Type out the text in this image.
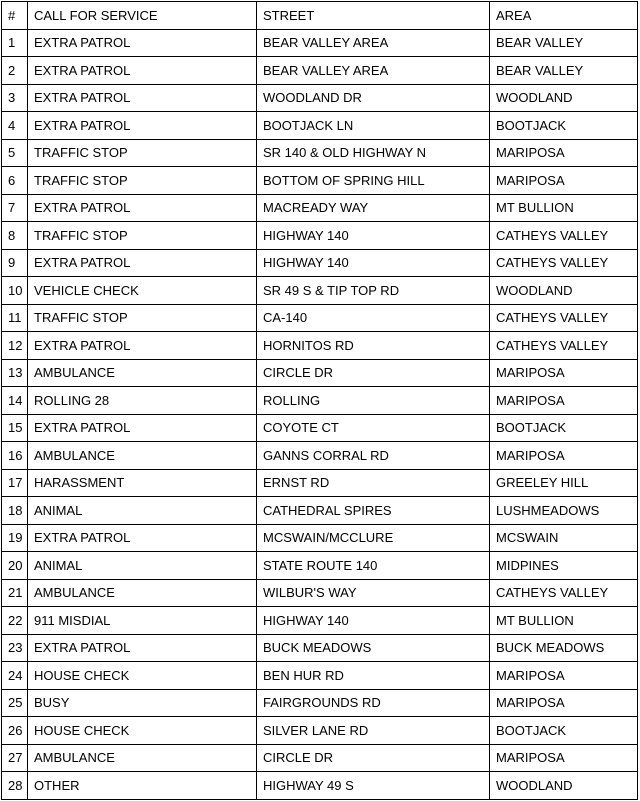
#	CALL FOR SERVICE	STREET	AREA
1	EXTRA PATROL	BEAR VALLEY AREA	BEAR VALLEY
2	EXTRA PATROL	BEAR VALLEY AREA	BEAR VALLEY
3	EXTRA PATROL	WOODLAND DR	WOODLAND
4	EXTRA PATROL	BOOTJACK LN	BOOTJACK
5	TRAFFIC STOP	SR 140 & OLD HIGHWAY N	MARIPOSA
6	TRAFFIC STOP	BOTTOM OF SPRING HILL	MARIPOSA
7	EXTRA PATROL	MACREADY WAY	MT BULLION
8	TRAFFIC STOP	HIGHWAY 140	CATHEYS VALLEY
9	EXTRA PATROL	HIGHWAY 140	CATHEYS VALLEY
10	VEHICLE CHECK	SR 49 S & TIP TOP RD	WOODLAND
11	TRAFFIC STOP	CA-140	CATHEYS VALLEY
12	EXTRA PATROL	HORNITOS RD	CATHEYS VALLEY
13	AMBULANCE	CIRCLE DR	MARIPOSA
14	ROLLING 28	ROLLING	MARIPOSA
15	EXTRA PATROL	COYOTE CT	BOOTJACK
16	AMBULANCE	GANNS CORRAL RD	MARIPOSA
17	HARASSMENT	ERNST RD	GREELEY HILL
18	ANIMAL	CATHEDRAL SPIRES	LUSHMEADOWS
19	EXTRA PATROL	MCSWAIN/MCCLURE	MCSWAIN
20	ANIMAL	STATE ROUTE 140	MIDPINES
21	AMBULANCE	WILBUR'S WAY	CATHEYS VALLEY
22	911 MISDIAL	HIGHWAY 140	MT BULLION
23	EXTRA PATROL	BUCK MEADOWS	BUCK MEADOWS
24	HOUSE CHECK	BEN HUR RD	MARIPOSA
25	BUSY	FAIRGROUNDS RD	MARIPOSA
26	HOUSE CHECK	SILVER LANE RD	BOOTJACK
27	AMBULANCE	CIRCLE DR	MARIPOSA
28	OTHER	HIGHWAY 49 S	WOODLAND
